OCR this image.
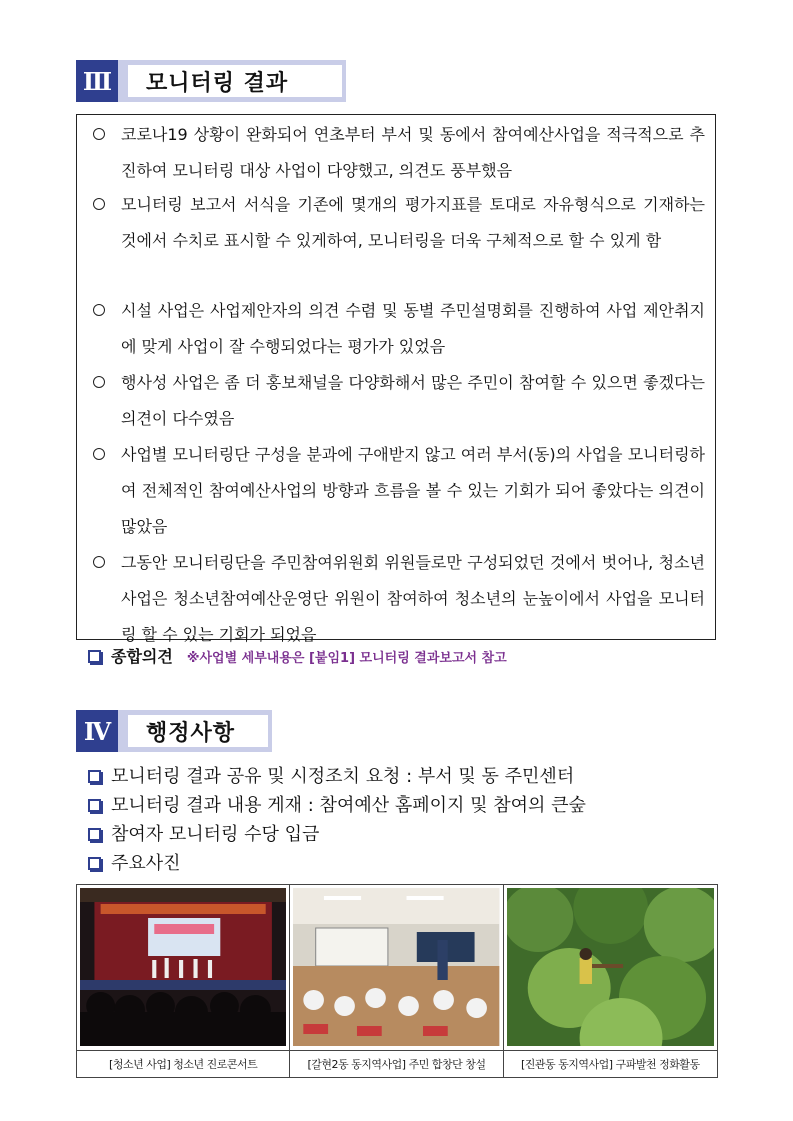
Ⅲ	모니터링 결과
코로나19 상황이 완화되어 연초부터 부서 및 동에서 참여예산사업을 적극적으로 추진하여 모니터링 대상 사업이 다양했고, 의견도 풍부했음
모니터링 보고서 서식을 기존에 몇개의 평가지표를 토대로 자유형식으로 기재하는 것에서 수치로 표시할 수 있게하여, 모니터링을 더욱 구체적으로 할 수 있게 함
시설 사업은 사업제안자의 의견 수렴 및 동별 주민설명회를 진행하여 사업 제안취지에 맞게 사업이 잘 수행되었다는 평가가 있었음
행사성 사업은 좀 더 홍보채널을 다양화해서 많은 주민이 참여할 수 있으면 좋겠다는 의견이 다수였음
사업별 모니터링단 구성을 분과에 구애받지 않고 여러 부서(동)의 사업을 모니터링하여 전체적인 참여예산사업의 방향과 흐름을 볼 수 있는 기회가 되어 좋았다는 의견이 많았음
그동안 모니터링단을 주민참여위원회 위원들로만 구성되었던 것에서 벗어나, 청소년사업은 청소년참여예산운영단 위원이 참여하여 청소년의 눈높이에서 사업을 모니터링 할 수 있는 기회가 되었음
종합의견 ※사업별 세부내용은 [붙임1] 모니터링 결과보고서 참고
Ⅳ	행정사항
모니터링 결과 공유 및 시정조치 요청 : 부서 및 동 주민센터
모니터링 결과 내용 게재 : 참여예산 홈페이지 및 참여의 큰숲
참여자 모니터링 수당 입금
주요사진
[청소년 사업] 청소년 진로콘서트	[갈현2동 동지역사업] 주민 합창단 창설	[진관동 동지역사업] 구파발천 정화활동
